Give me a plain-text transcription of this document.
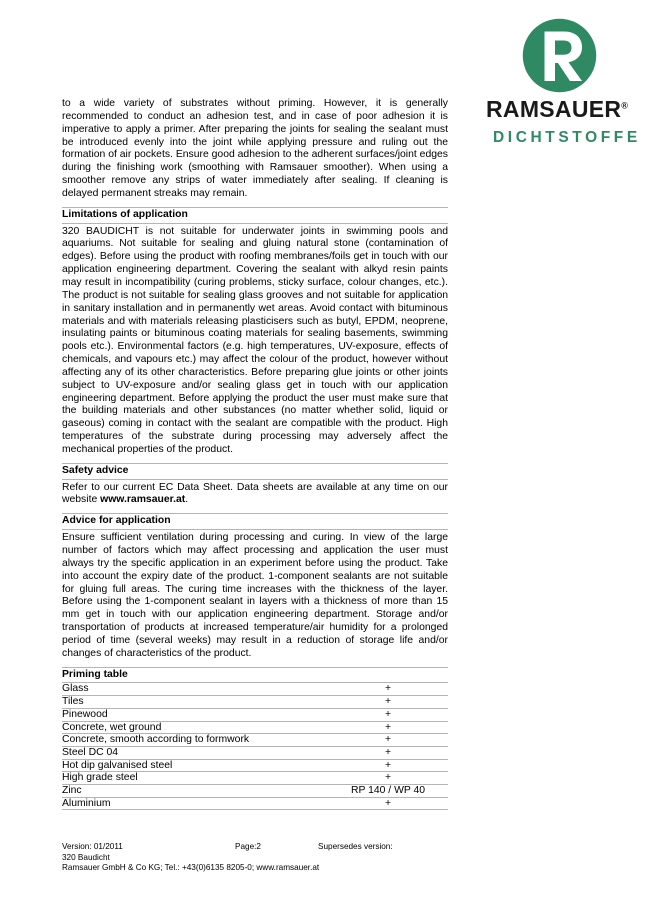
RAMSAUER®
DICHTSTOFFE

to a wide variety of substrates without priming. However, it is generally recommended to conduct an adhesion test, and in case of poor adhesion it is imperative to apply a primer. After preparing the joints for sealing the sealant must be introduced evenly into the joint while applying pressure and ruling out the formation of air pockets. Ensure good adhesion to the adherent surfaces/joint edges during the finishing work (smoothing with Ramsauer smoother). When using a smoother remove any strips of water immediately after sealing. If cleaning is delayed permanent streaks may remain.

Limitations of application

320 BAUDICHT is not suitable for underwater joints in swimming pools and aquariums. Not suitable for sealing and gluing natural stone (contamination of edges). Before using the product with roofing membranes/foils get in touch with our application engineering department. Covering the sealant with alkyd resin paints may result in incompatibility (curing problems, sticky surface, colour changes, etc.). The product is not suitable for sealing glass grooves and not suitable for application in sanitary installation and in permanently wet areas. Avoid contact with bituminous materials and with materials releasing plasticisers such as butyl, EPDM, neoprene, insulating paints or bituminous coating materials for sealing basements, swimming pools etc.). Environmental factors (e.g. high temperatures, UV-exposure, effects of chemicals, and vapours etc.) may affect the colour of the product, however without affecting any of its other characteristics. Before preparing glue joints or other joints subject to UV-exposure and/or sealing glass get in touch with our application engineering department. Before applying the product the user must make sure that the building materials and other substances (no matter whether solid, liquid or gaseous) coming in contact with the sealant are compatible with the product. High temperatures of the substrate during processing may adversely affect the mechanical properties of the product.

Safety advice

Refer to our current EC Data Sheet. Data sheets are available at any time on our website www.ramsauer.at.

Advice for application

Ensure sufficient ventilation during processing and curing. In view of the large number of factors which may affect processing and application the user must always try the specific application in an experiment before using the product. Take into account the expiry date of the product. 1-component sealants are not suitable for gluing full areas. The curing time increases with the thickness of the layer. Before using the 1-component sealant in layers with a thickness of more than 15 mm get in touch with our application engineering department. Storage and/or transportation of products at increased temperature/air humidity for a prolonged period of time (several weeks) may result in a reduction of storage life and/or changes of characteristics of the product.

Priming table
Glass	+
Tiles	+
Pinewood	+
Concrete, wet ground	+
Concrete, smooth according to formwork	+
Steel DC 04	+
Hot dip galvanised steel	+
High grade steel	+
Zinc	RP 140 / WP 40
Aluminium	+
Version: 01/2011	Page:2	Supersedes version:
320 Baudicht
Ramsauer GmbH & Co KG; Tel.: +43(0)6135 8205-0; www.ramsauer.at
